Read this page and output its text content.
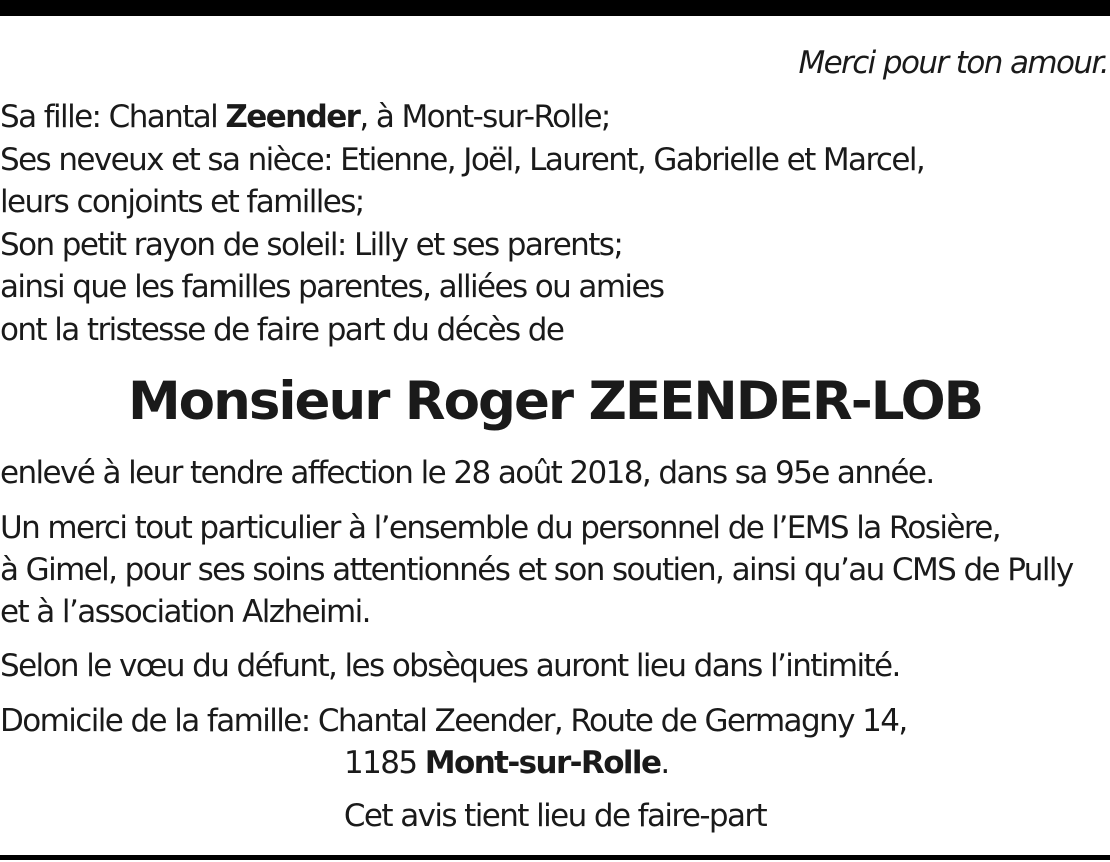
Merci pour ton amour.

Sa fille: Chantal Zeender, à Mont-sur-Rolle;
Ses neveux et sa nièce: Etienne, Joël, Laurent, Gabrielle et Marcel,
leurs conjoints et familles;
Son petit rayon de soleil: Lilly et ses parents;
ainsi que les familles parentes, alliées ou amies
ont la tristesse de faire part du décès de

Monsieur Roger ZEENDER-LOB

enlevé à leur tendre affection le 28 août 2018, dans sa 95e année.

Un merci tout particulier à l’ensemble du personnel de l’EMS la Rosière,
à Gimel, pour ses soins attentionnés et son soutien, ainsi qu’au CMS de Pully
et à l’association Alzheimi.

Selon le vœu du défunt, les obsèques auront lieu dans l’intimité.

Domicile de la famille: Chantal Zeender, Route de Germagny 14,
1185 Mont-sur-Rolle.

Cet avis tient lieu de faire-part
